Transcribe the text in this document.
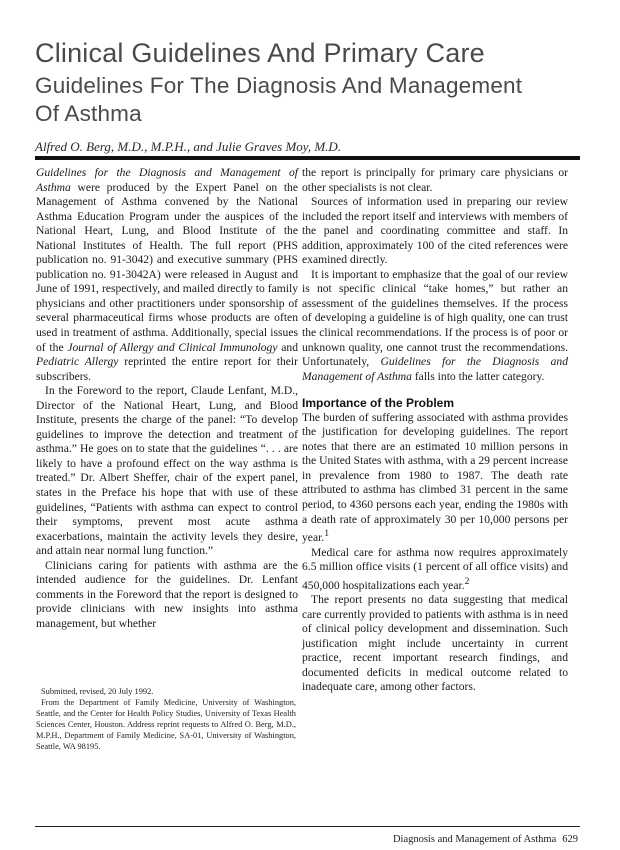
Clinical Guidelines And Primary Care
Guidelines For The Diagnosis And Management
Of Asthma
Alfred O. Berg, M.D., M.P.H., and Julie Graves Moy, M.D.

Guidelines for the Diagnosis and Management of Asthma were produced by the Expert Panel on the Management of Asthma convened by the National Asthma Education Program under the auspices of the National Heart, Lung, and Blood Institute of the National Institutes of Health. The full report (PHS publication no. 91-3042) and executive summary (PHS publication no. 91-3042A) were released in August and June of 1991, respectively, and mailed directly to family physicians and other practitioners under sponsorship of several pharmaceutical firms whose products are often used in treatment of asthma. Additionally, special issues of the Journal of Allergy and Clinical Immunology and Pediatric Allergy reprinted the entire report for their subscribers.

In the Foreword to the report, Claude Lenfant, M.D., Director of the National Heart, Lung, and Blood Institute, presents the charge of the panel: “To develop guidelines to improve the detection and treatment of asthma.” He goes on to state that the guidelines “. . . are likely to have a profound effect on the way asthma is treated.” Dr. Albert Sheffer, chair of the expert panel, states in the Preface his hope that with use of these guidelines, “Patients with asthma can expect to control their symptoms, prevent most acute asthma exacerbations, maintain the activity levels they desire, and attain near normal lung function.”

Clinicians caring for patients with asthma are the intended audience for the guidelines. Dr. Lenfant comments in the Foreword that the report is designed to provide clinicians with new insights into asthma management, but whether

Submitted, revised, 20 July 1992.

From the Department of Family Medicine, University of Washington, Seattle, and the Center for Health Policy Studies, University of Texas Health Sciences Center, Houston. Address reprint requests to Alfred O. Berg, M.D., M.P.H., Department of Family Medicine, SA-01, University of Washington, Seattle, WA 98195.

the report is principally for primary care physicians or other specialists is not clear.

Sources of information used in preparing our review included the report itself and interviews with members of the panel and coordinating committee and staff. In addition, approximately 100 of the cited references were examined directly.

It is important to emphasize that the goal of our review is not specific clinical “take homes,” but rather an assessment of the guidelines themselves. If the process of developing a guideline is of high quality, one can trust the clinical recommendations. If the process is of poor or unknown quality, one cannot trust the recommendations. Unfortunately, Guidelines for the Diagnosis and Management of Asthma falls into the latter category.

Importance of the Problem

The burden of suffering associated with asthma provides the justification for developing guidelines. The report notes that there are an estimated 10 million persons in the United States with asthma, with a 29 percent increase in prevalence from 1980 to 1987. The death rate attributed to asthma has climbed 31 percent in the same period, to 4360 persons each year, ending the 1980s with a death rate of approximately 30 per 10,000 persons per year.$^1$

Medical care for asthma now requires approximately 6.5 million office visits (1 percent of all office visits) and 450,000 hospitalizations each year.$^2$

The report presents no data suggesting that medical care currently provided to patients with asthma is in need of clinical policy development and dissemination. Such justification might include uncertainty in current practice, recent important research findings, and documented deficits in medical outcome related to inadequate care, among other factors.

Diagnosis and Management of Asthma 629
